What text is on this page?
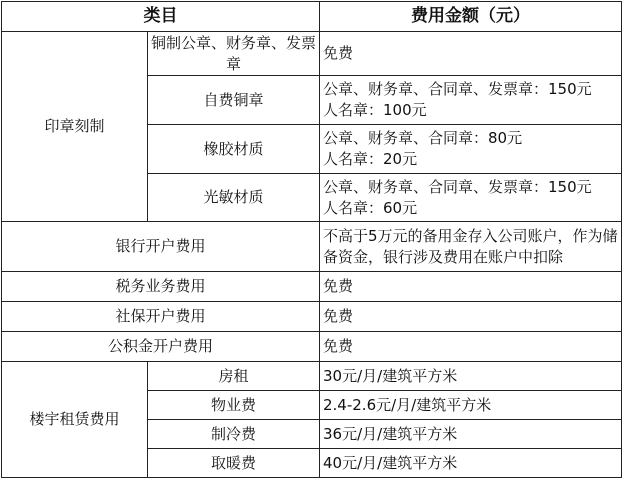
类目		费用金额（元）
印章刻制	铜制公章、财务章、发票章	免费

	自费铜章	公章、财务章、合同章、发票章：150元
人名章：100元

	橡胶材质	公章、财务章、合同章：80元
人名章：20元

	光敏材质	公章、财务章、合同章、发票章：150元
人名章：60元

银行开户费用		不高于5万元的备用金存入公司账户，作为储备资金，银行涉及费用在账户中扣除
税务业务费用		免费
社保开户费用		免费
公积金开户费用		免费
楼宇租赁费用	房租	30元/月/建筑平方米
	物业费	2.4-2.6元/月/建筑平方米
	制冷费	36元/月/建筑平方米
	取暖费	40元/月/建筑平方米
